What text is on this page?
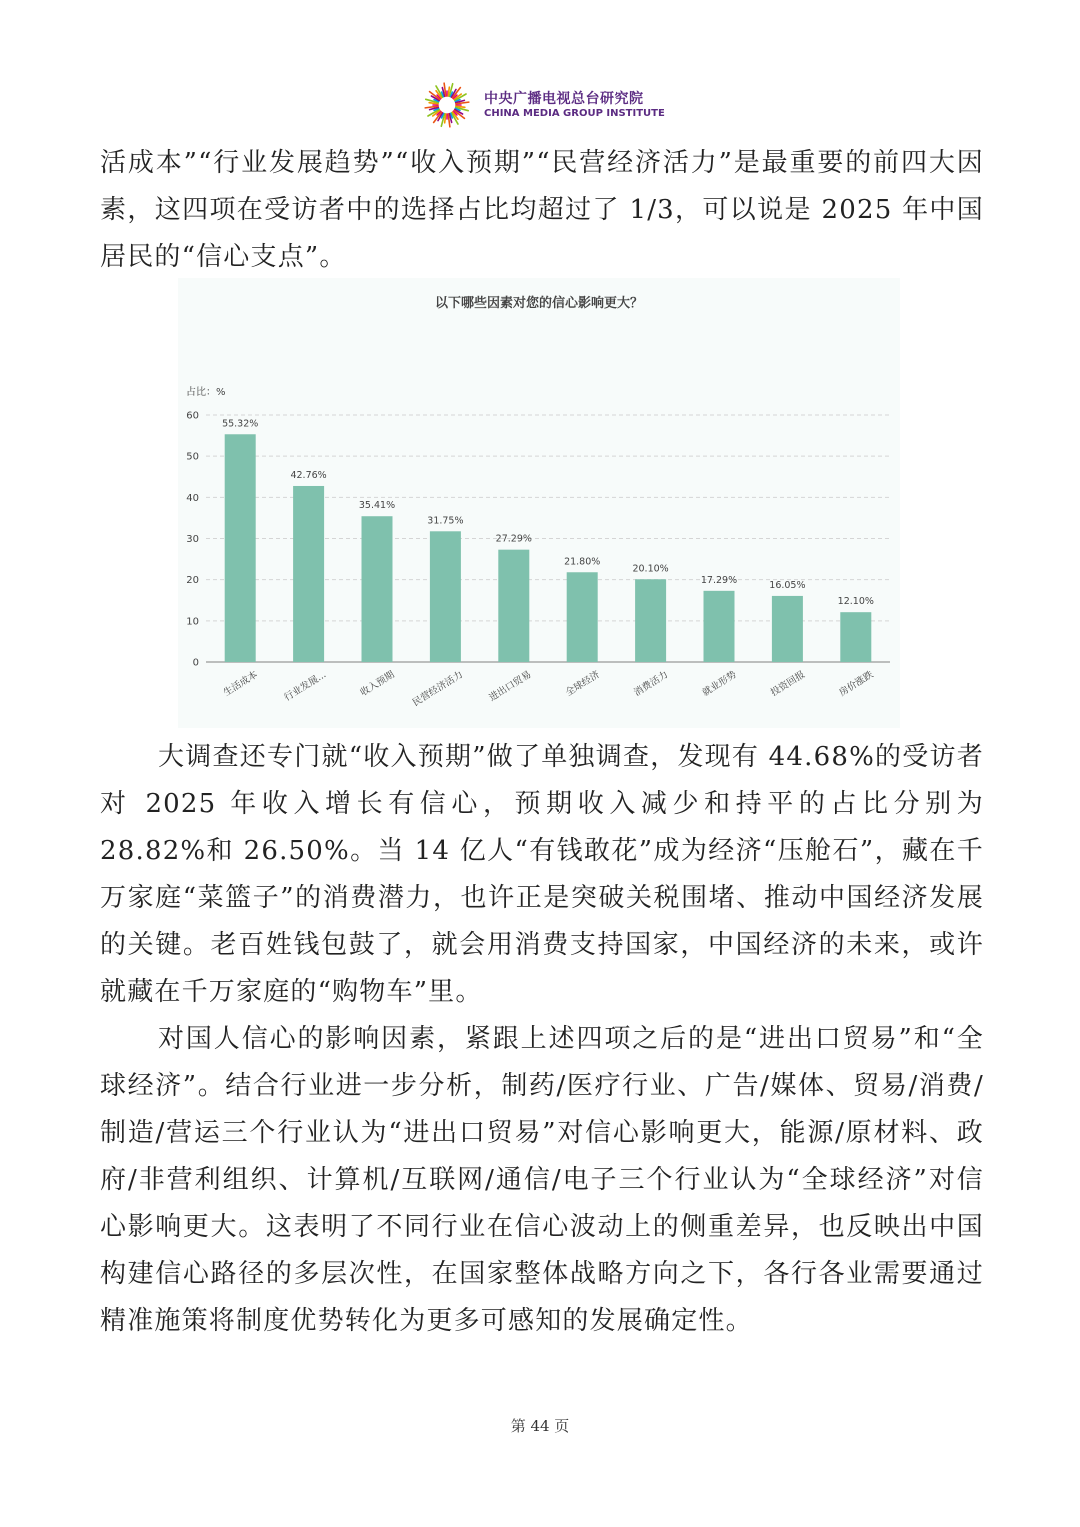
中央广播电视总台研究院
CHINA MEDIA GROUP INSTITUTE

活成本”“行业发展趋势”“收入预期”“民营经济活力”是最重要的前四大因素，这四项在受访者中的选择占比均超过了 1/3，可以说是 2025 年中国居民的“信心支点”。

以下哪些因素对您的信心影响更大？
占比：%
0
10
20
30
40
50
60
55.32%
42.76%
35.41%
31.75%
27.29%
21.80%
20.10%
17.29%	16.05%
12.10%
生活成本 行业发展...	收入预期 民营经济活力 进出口贸易	全球经济	消费活力	就业形势	投资回报	房价涨跌

大调查还专门就“收入预期”做了单独调查，发现有 44.68%的受访者对 2025 年收入增长有信心，预期收入减少和持平的占比分别为 28.82%和 26.50%。当 14 亿人“有钱敢花”成为经济“压舱石”，藏在千万家庭“菜篮子”的消费潜力，也许正是突破关税围堵、推动中国经济发展的关键。老百姓钱包鼓了，就会用消费支持国家，中国经济的未来，或许就藏在千万家庭的“购物车”里。

对国人信心的影响因素，紧跟上述四项之后的是“进出口贸易”和“全球经济”。结合行业进一步分析，制药/医疗行业、广告/媒体、贸易/消费/制造/营运三个行业认为“进出口贸易”对信心影响更大，能源/原材料、政府/非营利组织、计算机/互联网/通信/电子三个行业认为“全球经济”对信心影响更大。这表明了不同行业在信心波动上的侧重差异，也反映出中国构建信心路径的多层次性，在国家整体战略方向之下，各行各业需要通过精准施策将制度优势转化为更多可感知的发展确定性。

第 44 页
